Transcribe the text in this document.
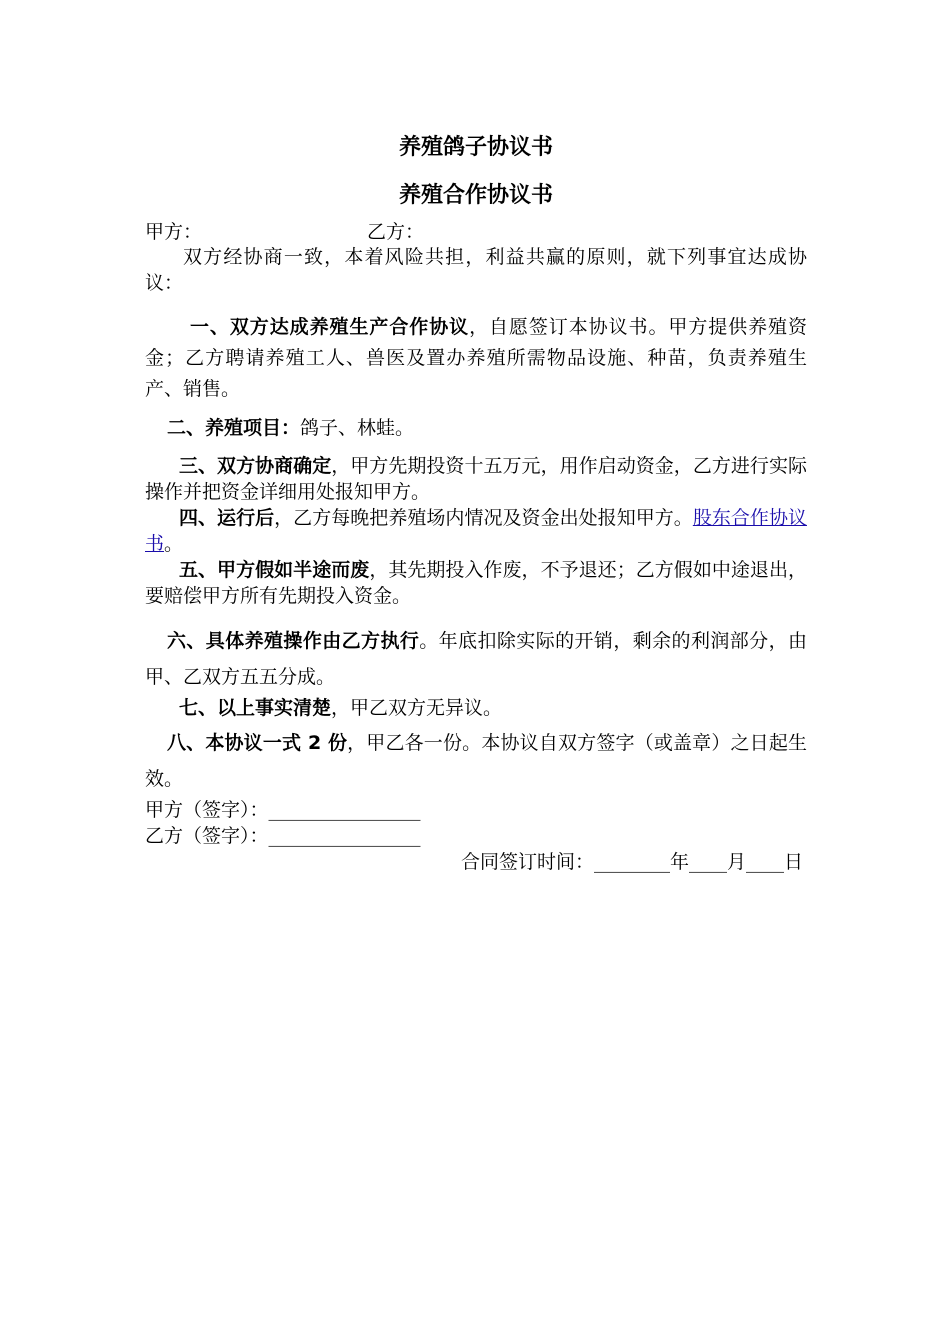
养殖鸽子协议书
养殖合作协议书
甲方：	乙方：

双方经协商一致，本着风险共担，利益共赢的原则，就下列事宜达成协议：

一、双方达成养殖生产合作协议，自愿签订本协议书。甲方提供养殖资金；乙方聘请养殖工人、兽医及置办养殖所需物品设施、种苗，负责养殖生产、销售。

二、养殖项目：鸽子、林蛙。

三、双方协商确定，甲方先期投资十五万元，用作启动资金，乙方进行实际操作并把资金详细用处报知甲方。

四、运行后，乙方每晚把养殖场内情况及资金出处报知甲方。股东合作协议书。

五、甲方假如半途而废，其先期投入作废，不予退还；乙方假如中途退出，要赔偿甲方所有先期投入资金。

六、具体养殖操作由乙方执行。年底扣除实际的开销，剩余的利润部分，由甲、乙双方五五分成。

七、以上事实清楚，甲乙双方无异议。

八、本协议一式 2 份，甲乙各一份。本协议自双方签字（或盖章）之日起生效。

甲方（签字）：________________
乙方（签字）：________________
合同签订时间：________年____月____日
